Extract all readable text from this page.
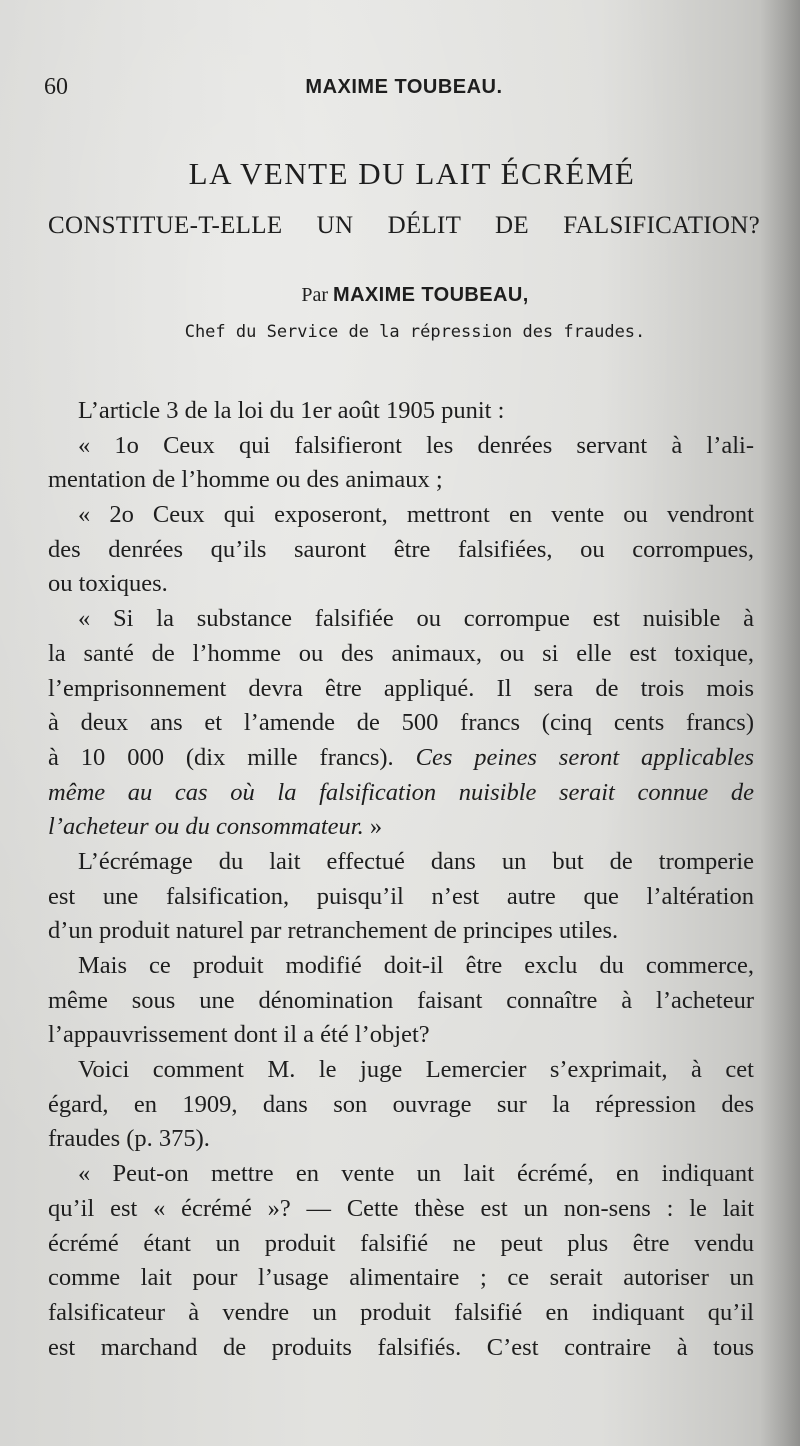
60	MAXIME TOUBEAU.
LA VENTE DU LAIT ÉCRÉMÉ
CONSTITUE-T-ELLE UN DÉLIT DE FALSIFICATION?
Par MAXIME TOUBEAU,
Chef du Service de la répression des fraudes.
L’article 3 de la loi du 1er août 1905 punit :
« 1o Ceux qui falsifieront les denrées servant à l’ali-
mentation de l’homme ou des animaux ;
« 2o Ceux qui exposeront, mettront en vente ou vendront
des denrées qu’ils sauront être falsifiées, ou corrompues,
ou toxiques.
« Si la substance falsifiée ou corrompue est nuisible à
la santé de l’homme ou des animaux, ou si elle est toxique,
l’emprisonnement devra être appliqué. Il sera de trois mois
à deux ans et l’amende de 500 francs (cinq cents francs)
à 10 000 (dix mille francs). Ces peines seront applicables
même au cas où la falsification nuisible serait connue de
l’acheteur ou du consommateur. »
L’écrémage du lait effectué dans un but de tromperie
est une falsification, puisqu’il n’est autre que l’altération
d’un produit naturel par retranchement de principes utiles.
Mais ce produit modifié doit-il être exclu du commerce,
même sous une dénomination faisant connaître à l’acheteur
l’appauvrissement dont il a été l’objet?
Voici comment M. le juge Lemercier s’exprimait, à cet
égard, en 1909, dans son ouvrage sur la répression des
fraudes (p. 375).
« Peut-on mettre en vente un lait écrémé, en indiquant
qu’il est « écrémé »? — Cette thèse est un non-sens : le lait
écrémé étant un produit falsifié ne peut plus être vendu
comme lait pour l’usage alimentaire ; ce serait autoriser un
falsificateur à vendre un produit falsifié en indiquant qu’il
est marchand de produits falsifiés. C’est contraire à tous
